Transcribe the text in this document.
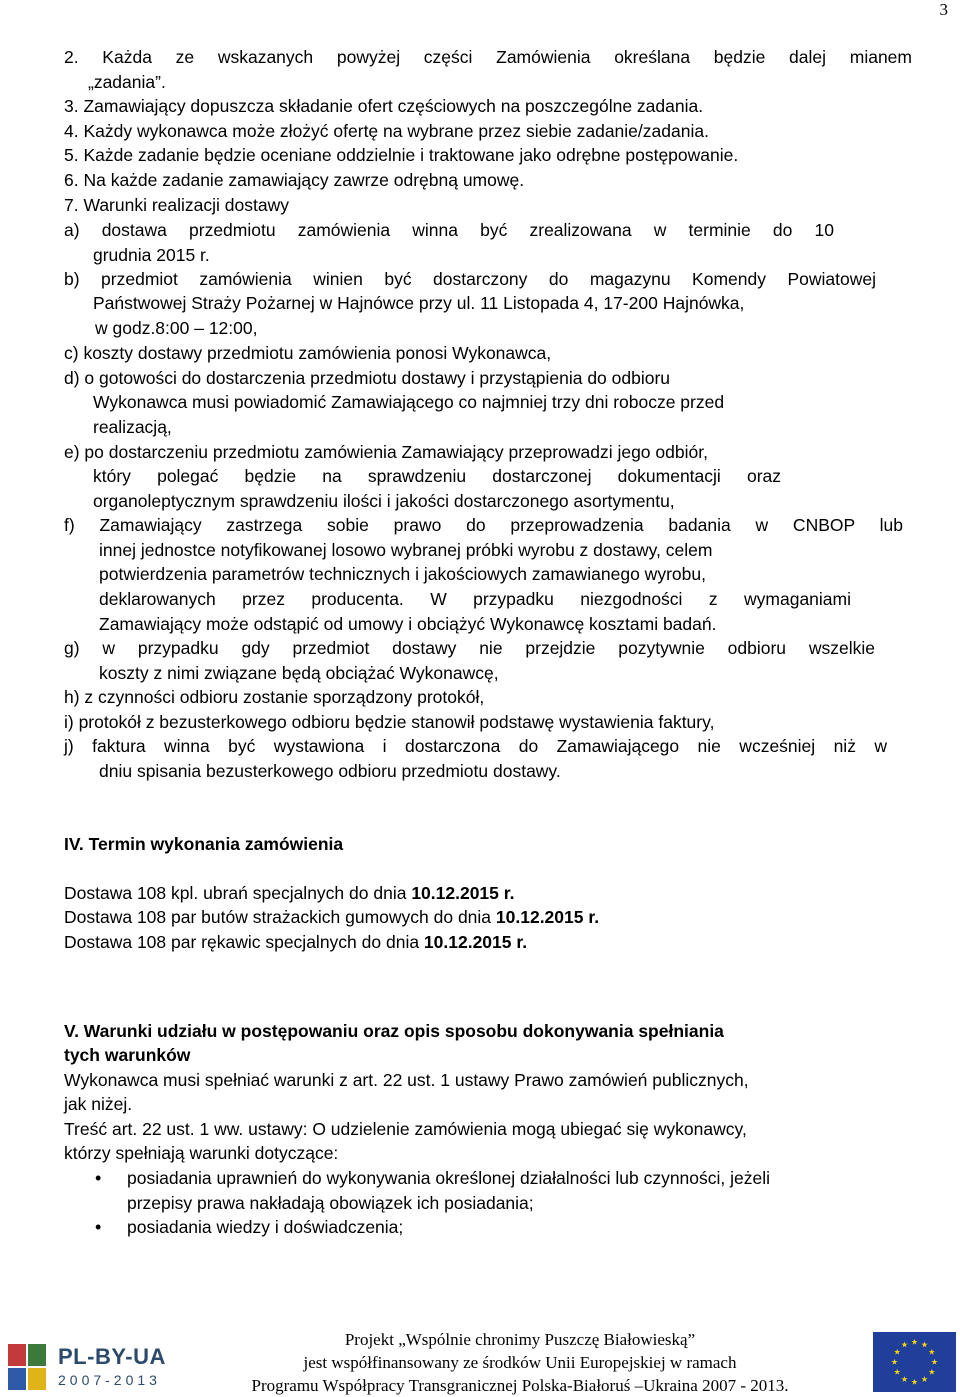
3
2. Każda ze wskazanych powyżej części Zamówienia określana będzie dalej mianem
„zadania”.
3. Zamawiający dopuszcza składanie ofert częściowych na poszczególne zadania.
4. Każdy wykonawca może złożyć ofertę na wybrane przez siebie zadanie/zadania.
5. Każde zadanie będzie oceniane oddzielnie i traktowane jako odrębne postępowanie.
6. Na każde zadanie zamawiający zawrze odrębną umowę.
7. Warunki realizacji dostawy
a) dostawa przedmiotu zamówienia winna być zrealizowana w terminie do 10
grudnia 2015 r.
b) przedmiot zamówienia winien być dostarczony do magazynu Komendy Powiatowej
Państwowej Straży Pożarnej w Hajnówce przy ul. 11 Listopada 4, 17-200 Hajnówka,
w godz.8:00 – 12:00,
c) koszty dostawy przedmiotu zamówienia ponosi Wykonawca,
d) o gotowości do dostarczenia przedmiotu dostawy i przystąpienia do odbioru
Wykonawca musi powiadomić Zamawiającego co najmniej trzy dni robocze przed
realizacją,
e) po dostarczeniu przedmiotu zamówienia Zamawiający przeprowadzi jego odbiór,
który polegać będzie na sprawdzeniu dostarczonej dokumentacji oraz
organoleptycznym sprawdzeniu ilości i jakości dostarczonego asortymentu,
f) Zamawiający zastrzega sobie prawo do przeprowadzenia badania w CNBOP lub
innej jednostce notyfikowanej losowo wybranej próbki wyrobu z dostawy, celem
potwierdzenia parametrów technicznych i jakościowych zamawianego wyrobu,
deklarowanych przez producenta. W przypadku niezgodności z wymaganiami
Zamawiający może odstąpić od umowy i obciążyć Wykonawcę kosztami badań.
g) w przypadku gdy przedmiot dostawy nie przejdzie pozytywnie odbioru wszelkie
koszty z nimi związane będą obciążać Wykonawcę,
h) z czynności odbioru zostanie sporządzony protokół,
i) protokół z bezusterkowego odbioru będzie stanowił podstawę wystawienia faktury,
j) faktura winna być wystawiona i dostarczona do Zamawiającego nie wcześniej niż w
dniu spisania bezusterkowego odbioru przedmiotu dostawy.
IV. Termin wykonania zamówienia
Dostawa 108 kpl. ubrań specjalnych do dnia 10.12.2015 r.
Dostawa 108 par butów strażackich gumowych do dnia 10.12.2015 r.
Dostawa 108 par rękawic specjalnych do dnia 10.12.2015 r.
V. Warunki udziału w postępowaniu oraz opis sposobu dokonywania spełniania
tych warunków
Wykonawca musi spełniać warunki z art. 22 ust. 1 ustawy Prawo zamówień publicznych,
jak niżej.
Treść art. 22 ust. 1 ww. ustawy: O udzielenie zamówienia mogą ubiegać się wykonawcy,
którzy spełniają warunki dotyczące:
• posiadania uprawnień do wykonywania określonej działalności lub czynności, jeżeli
przepisy prawa nakładają obowiązek ich posiadania;
• posiadania wiedzy i doświadczenia;
PL-BY-UA
2007-2013
Projekt „Wspólnie chronimy Puszczę Białowieską”
jest współfinansowany ze środków Unii Europejskiej w ramach
Programu Współpracy Transgranicznej Polska-Białoruś –Ukraina 2007 - 2013.
